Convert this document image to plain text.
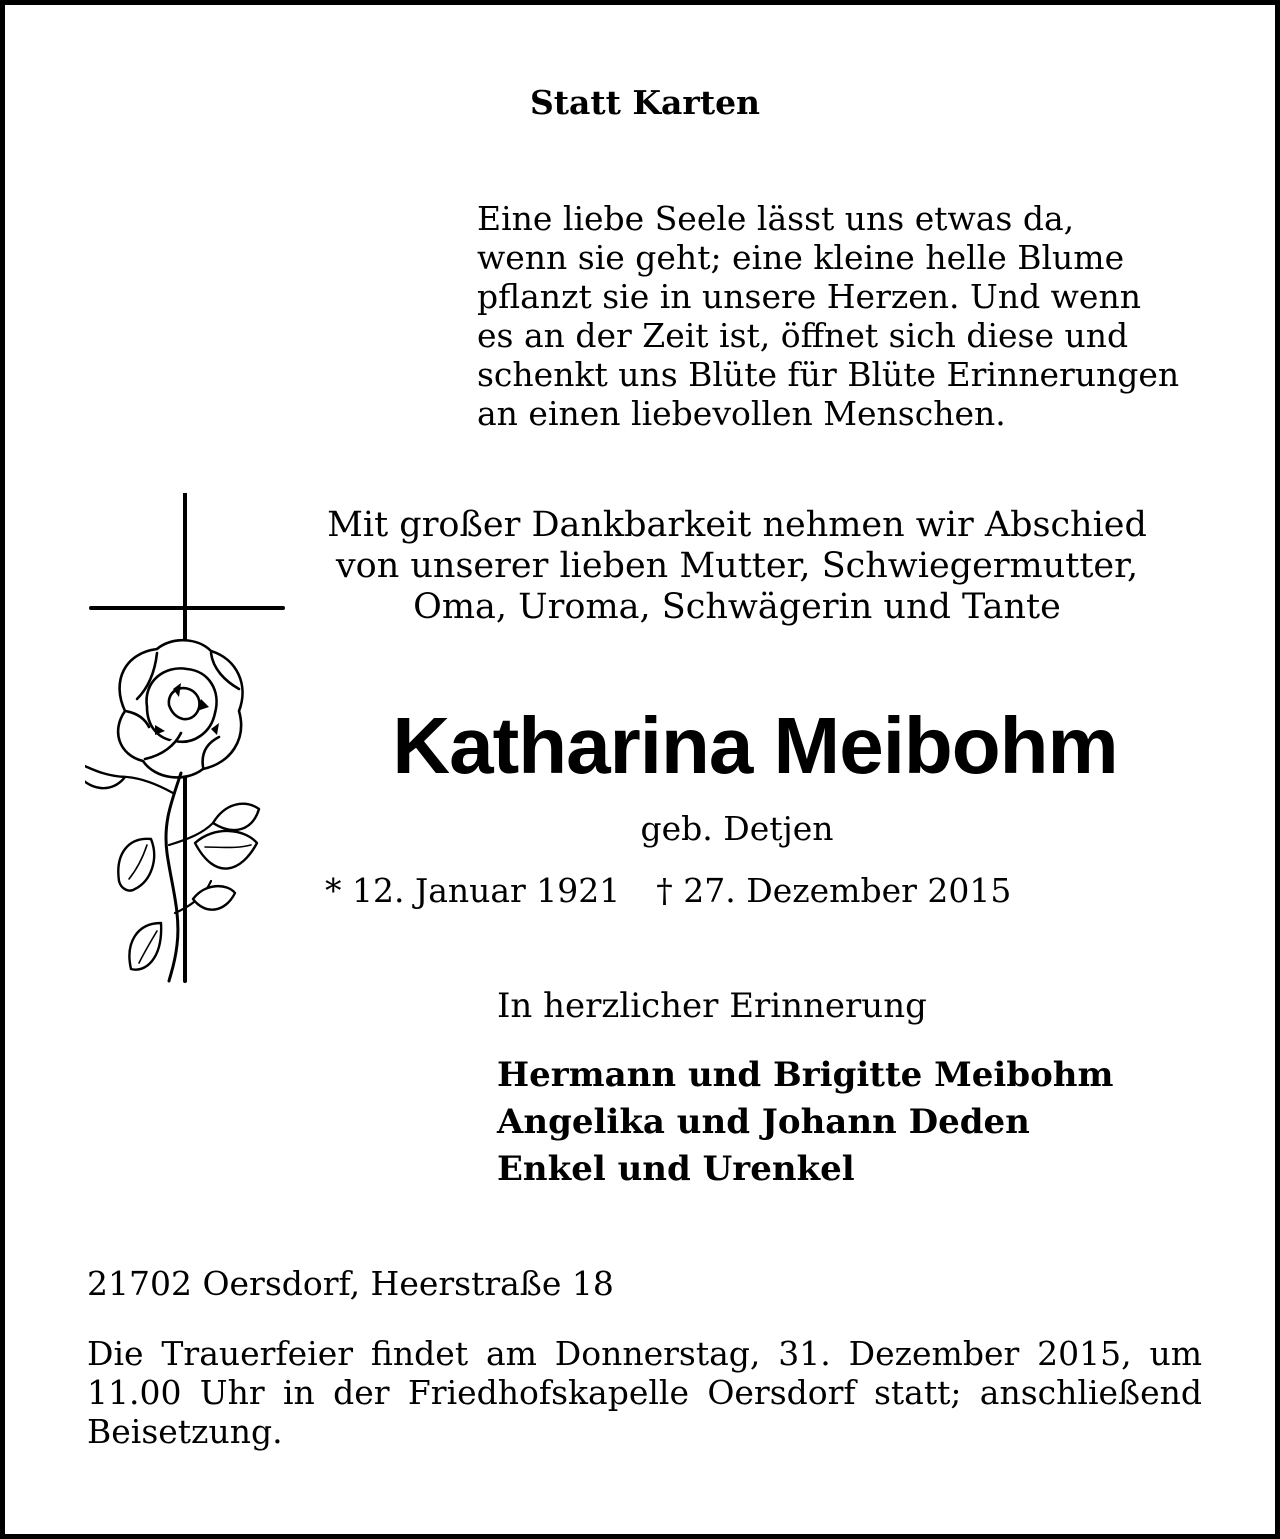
Statt Karten

Eine liebe Seele lässt uns etwas da,
wenn sie geht; eine kleine helle Blume
pflanzt sie in unsere Herzen. Und wenn
es an der Zeit ist, öffnet sich diese und
schenkt uns Blüte für Blüte Erinnerungen
an einen liebevollen Menschen.
Mit großer Dankbarkeit nehmen wir Abschied
von unserer lieben Mutter, Schwiegermutter,
Oma, Uroma, Schwägerin und Tante
Katharina Meibohm

geb. Detjen

* 12. Januar 1921 † 27. Dezember 2015

In herzlicher Erinnerung

Hermann und Brigitte Meibohm
Angelika und Johann Deden
Enkel und Urenkel

21702 Oersdorf, Heerstraße 18

Die Trauerfeier findet am Donnerstag, 31. Dezember 2015, um 11.00 Uhr in der Friedhofskapelle Oersdorf statt; anschließend Beisetzung.
